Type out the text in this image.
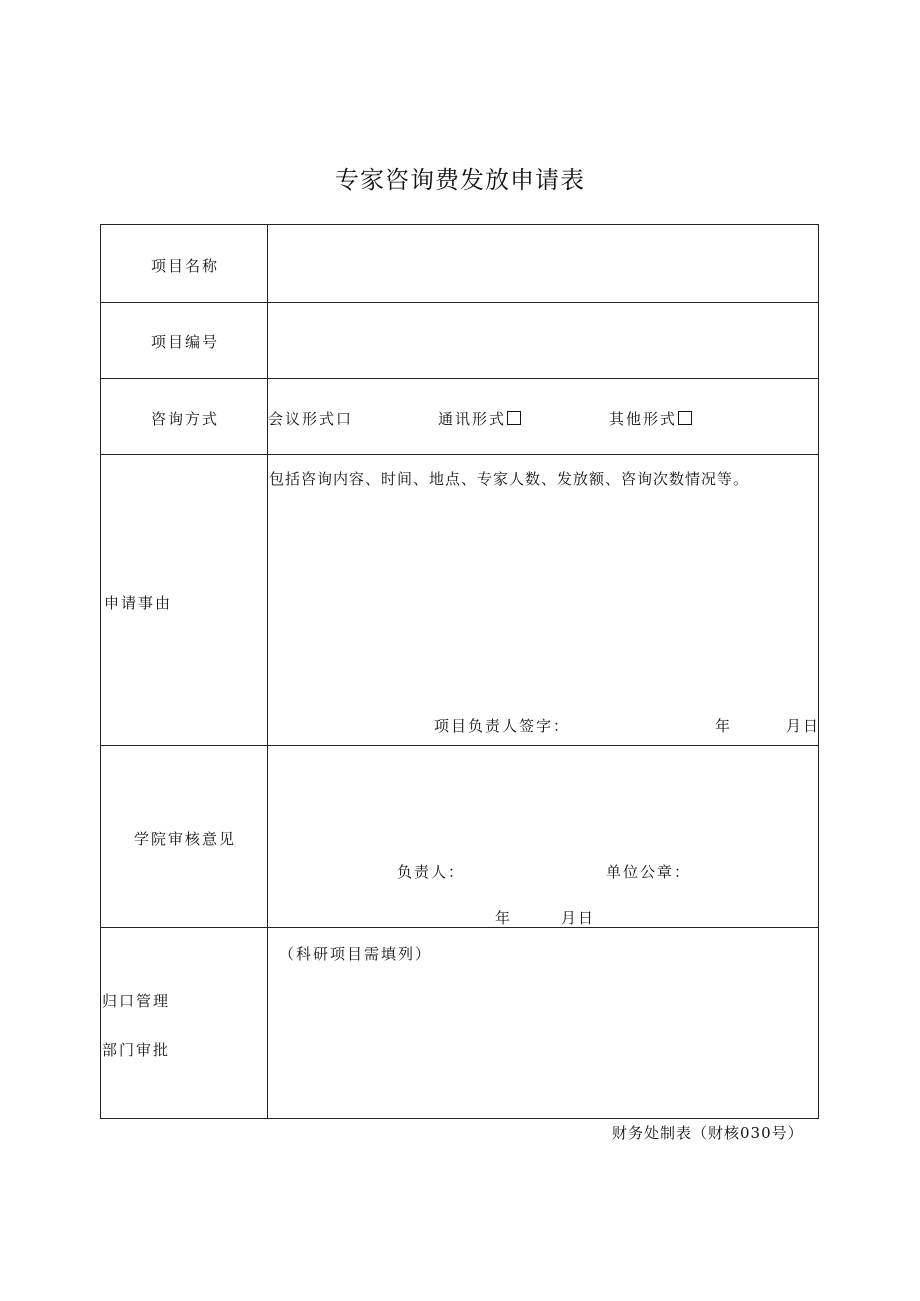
专家咨询费发放申请表
项目名称
项目编号
咨询方式	会议形式口	通讯形式	其他形式
申请事由
包括咨询内容、时间、地点、专家人数、发放额、咨询次数情况等。
项目负责人签字：	年	月日
学院审核意见
负责人：	单位公章：
年	月日
归口管理
部门审批
（科研项目需填列）
财务处制表（财核030号）
